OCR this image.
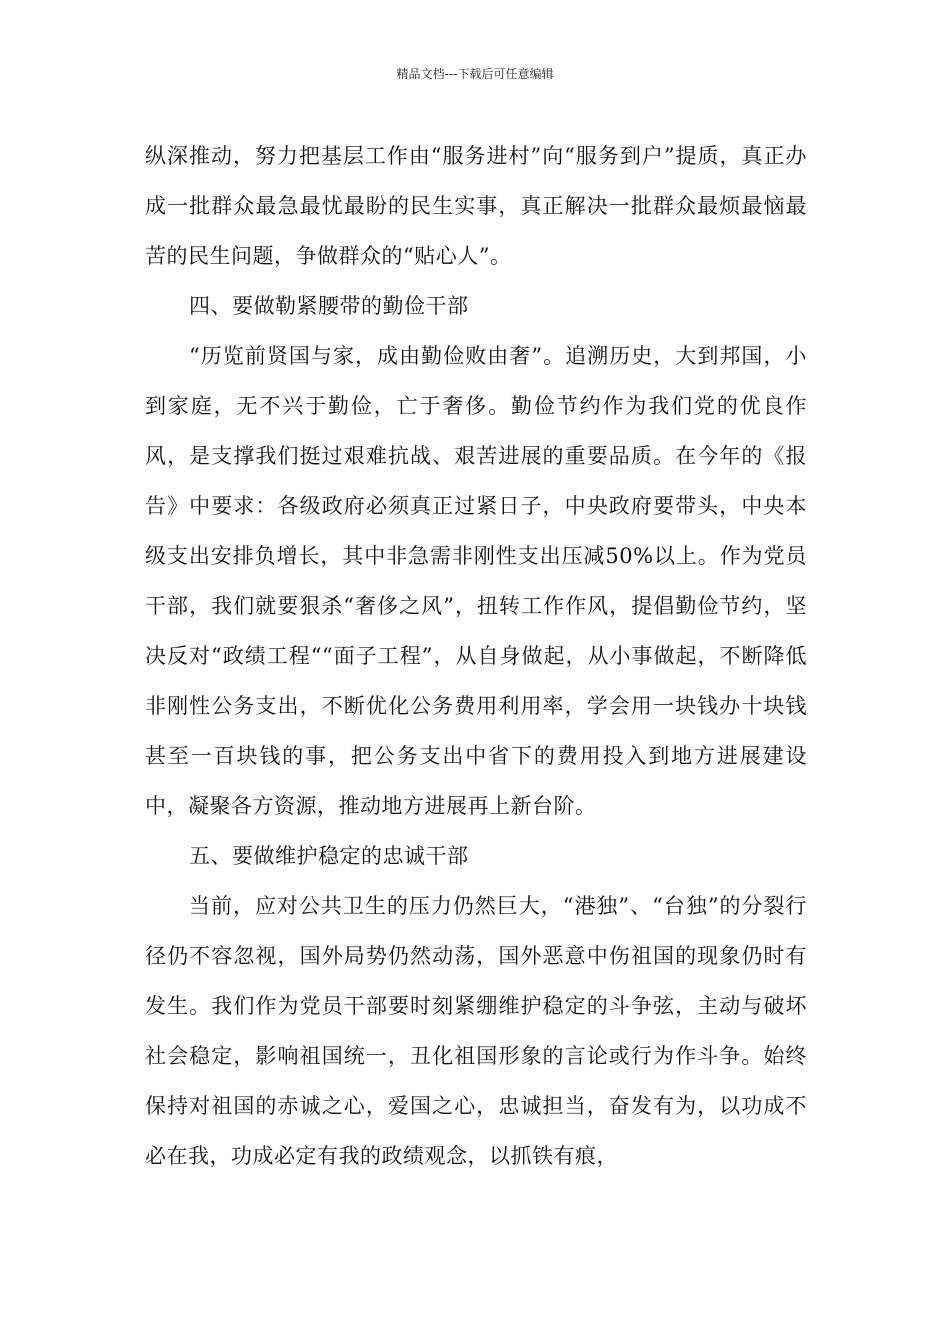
精品文档---下载后可任意编辑

纵深推动，努力把基层工作由“服务进村”向“服务到户”提质，真正办成一批群众最急最忧最盼的民生实事，真正解决一批群众最烦最恼最苦的民生问题，争做群众的“贴心人”。

四、要做勒紧腰带的勤俭干部

“历览前贤国与家，成由勤俭败由奢”。追溯历史，大到邦国，小到家庭，无不兴于勤俭，亡于奢侈。勤俭节约作为我们党的优良作风，是支撑我们挺过艰难抗战、艰苦进展的重要品质。在今年的《报告》中要求：各级政府必须真正过紧日子，中央政府要带头，中央本级支出安排负增长，其中非急需非刚性支出压减50%以上。作为党员干部，我们就要狠杀“奢侈之风”，扭转工作作风，提倡勤俭节约，坚决反对“政绩工程““面子工程”，从自身做起，从小事做起，不断降低非刚性公务支出，不断优化公务费用利用率，学会用一块钱办十块钱甚至一百块钱的事，把公务支出中省下的费用投入到地方进展建设中，凝聚各方资源，推动地方进展再上新台阶。

五、要做维护稳定的忠诚干部

当前，应对公共卫生的压力仍然巨大，“港独”、“台独”的分裂行径仍不容忽视，国外局势仍然动荡，国外恶意中伤祖国的现象仍时有发生。我们作为党员干部要时刻紧绷维护稳定的斗争弦，主动与破坏社会稳定，影响祖国统一，丑化祖国形象的言论或行为作斗争。始终保持对祖国的赤诚之心，爱国之心，忠诚担当，奋发有为，以功成不必在我，功成必定有我的政绩观念，以抓铁有痕，
